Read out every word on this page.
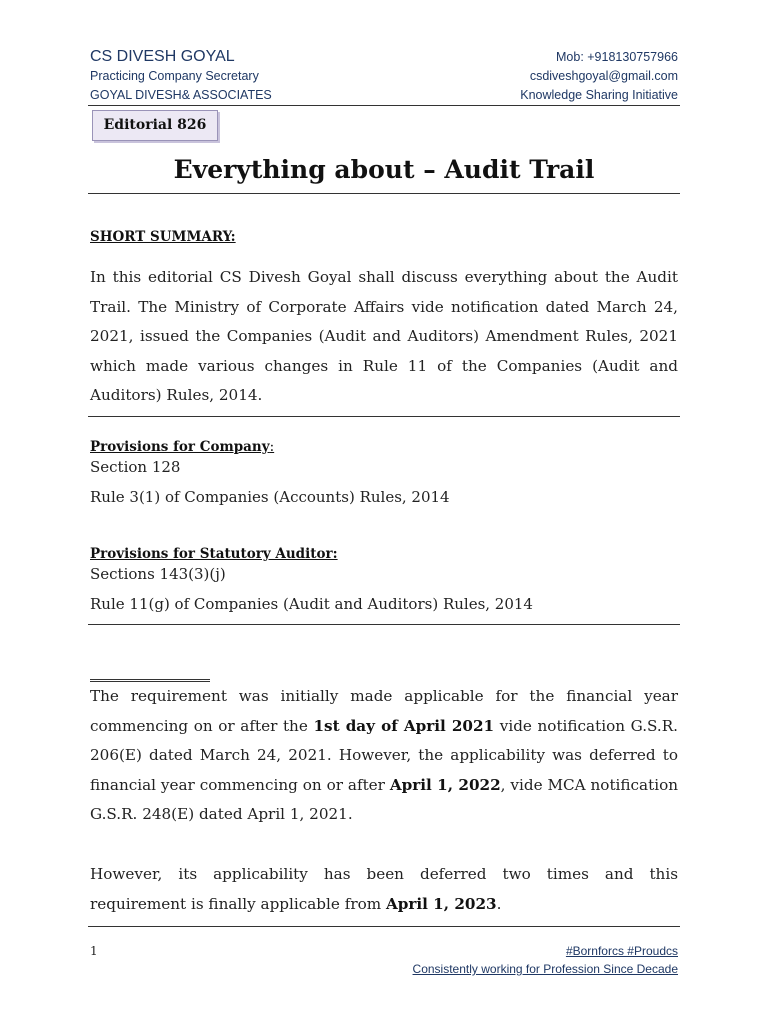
CS DIVESH GOYAL
Practicing Company Secretary
GOYAL DIVESH& ASSOCIATES
Mob: +918130757966
csdiveshgoyal@gmail.com
Knowledge Sharing Initiative
Editorial 826
Everything about – Audit Trail
SHORT SUMMARY:

In this editorial CS Divesh Goyal shall discuss everything about the Audit Trail. The Ministry of Corporate Affairs vide notification dated March 24, 2021, issued the Companies (Audit and Auditors) Amendment Rules, 2021 which made various changes in Rule 11 of the Companies (Audit and Auditors) Rules, 2014.

Provisions for Company:
Section 128
Rule 3(1) of Companies (Accounts) Rules, 2014
Provisions for Statutory Auditor:
Sections 143(3)(j)
Rule 11(g) of Companies (Audit and Auditors) Rules, 2014

The requirement was initially made applicable for the financial year commencing on or after the 1st day of April 2021 vide notification G.S.R. 206(E) dated March 24, 2021. However, the applicability was deferred to financial year commencing on or after April 1, 2022, vide MCA notification G.S.R. 248(E) dated April 1, 2021.

However, its applicability has been deferred two times and this requirement is finally applicable from April 1, 2023.

1	#Bornforcs #Proudcs
Consistently working for Profession Since Decade
